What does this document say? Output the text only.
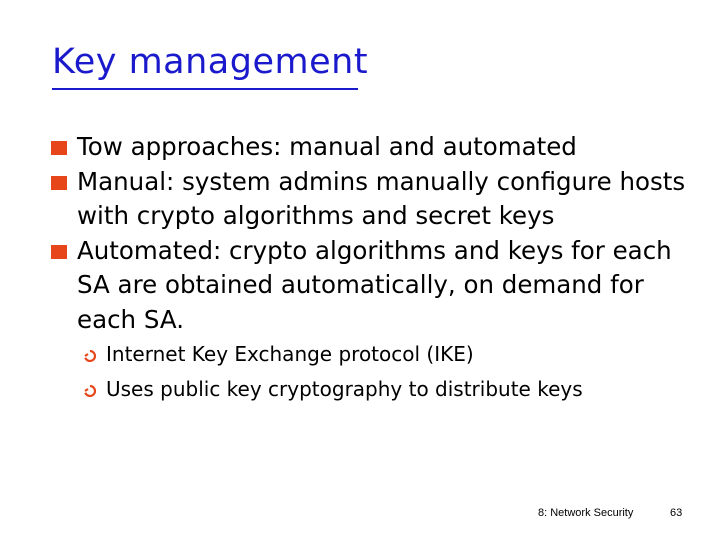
Key management
Tow approaches: manual and automated
Manual: system admins manually configure hosts with crypto algorithms and secret keys
Automated: crypto algorithms and keys for each SA are obtained automatically, on demand for each SA.
Internet Key Exchange protocol (IKE)
Uses public key cryptography to distribute keys
8: Network Security	63
